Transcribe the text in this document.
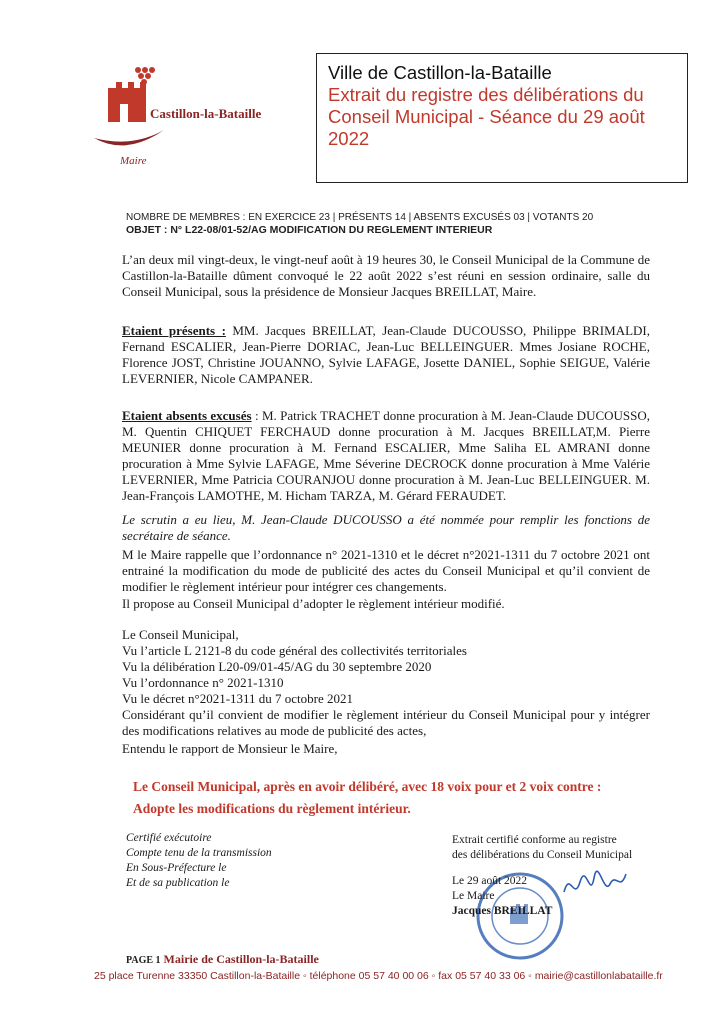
Castillon-la-Bataille
Maire
Ville de Castillon-la-Bataille
Extrait du registre des délibérations du
Conseil Municipal - Séance du 29 août
2022
NOMBRE DE MEMBRES : EN EXERCICE 23 | PRÉSENTS 14 | ABSENTS EXCUSÉS 03 | VOTANTS 20
OBJET : N° L22-08/01-52/AG MODIFICATION DU REGLEMENT INTERIEUR
L’an deux mil vingt-deux, le vingt-neuf août à 19 heures 30, le Conseil Municipal de la Commune de Castillon-la-Bataille dûment convoqué le 22 août 2022 s’est réuni en session ordinaire, salle du Conseil Municipal, sous la présidence de Monsieur Jacques BREILLAT, Maire.
Etaient présents : MM. Jacques BREILLAT, Jean-Claude DUCOUSSO, Philippe BRIMALDI, Fernand ESCALIER, Jean-Pierre DORIAC, Jean-Luc BELLEINGUER. Mmes Josiane ROCHE, Florence JOST, Christine JOUANNO, Sylvie LAFAGE, Josette DANIEL, Sophie SEIGUE, Valérie LEVERNIER, Nicole CAMPANER.
Etaient absents excusés : M. Patrick TRACHET donne procuration à M. Jean-Claude DUCOUSSO, M. Quentin CHIQUET FERCHAUD donne procuration à M. Jacques BREILLAT,M. Pierre MEUNIER donne procuration à M. Fernand ESCALIER, Mme Saliha EL AMRANI donne procuration à Mme Sylvie LAFAGE, Mme Séverine DECROCK donne procuration à Mme Valérie LEVERNIER, Mme Patricia COURANJOU donne procuration à M. Jean-Luc BELLEINGUER. M. Jean-François LAMOTHE, M. Hicham TARZA, M. Gérard FERAUDET.
Le scrutin a eu lieu, M. Jean-Claude DUCOUSSO a été nommée pour remplir les fonctions de secrétaire de séance.
M le Maire rappelle que l’ordonnance n° 2021-1310 et le décret n°2021-1311 du 7 octobre 2021 ont entrainé la modification du mode de publicité des actes du Conseil Municipal et qu’il convient de modifier le règlement intérieur pour intégrer ces changements.
Il propose au Conseil Municipal d’adopter le règlement intérieur modifié.
Le Conseil Municipal,
Vu l’article L 2121-8 du code général des collectivités territoriales
Vu la délibération L20-09/01-45/AG du 30 septembre 2020
Vu l’ordonnance n° 2021-1310
Vu le décret n°2021-1311 du 7 octobre 2021
Considérant qu’il convient de modifier le règlement intérieur du Conseil Municipal pour y intégrer des modifications relatives au mode de publicité des actes,
Entendu le rapport de Monsieur le Maire,
Le Conseil Municipal, après en avoir délibéré, avec 18 voix pour et 2 voix contre :
Adopte les modifications du règlement intérieur.
Certifié exécutoire
Compte tenu de la transmission
En Sous-Préfecture le
Et de sa publication le
Extrait certifié conforme au registre
des délibérations du Conseil Municipal
Le 29 août 2022
Le Maire
Jacques BREILLAT
PAGE 1 Mairie de Castillon-la-Bataille
25 place Turenne 33350 Castillon-la-Bataille ◦ téléphone 05 57 40 00 06 ◦ fax 05 57 40 33 06 ◦ mairie@castillonlabataille.fr
